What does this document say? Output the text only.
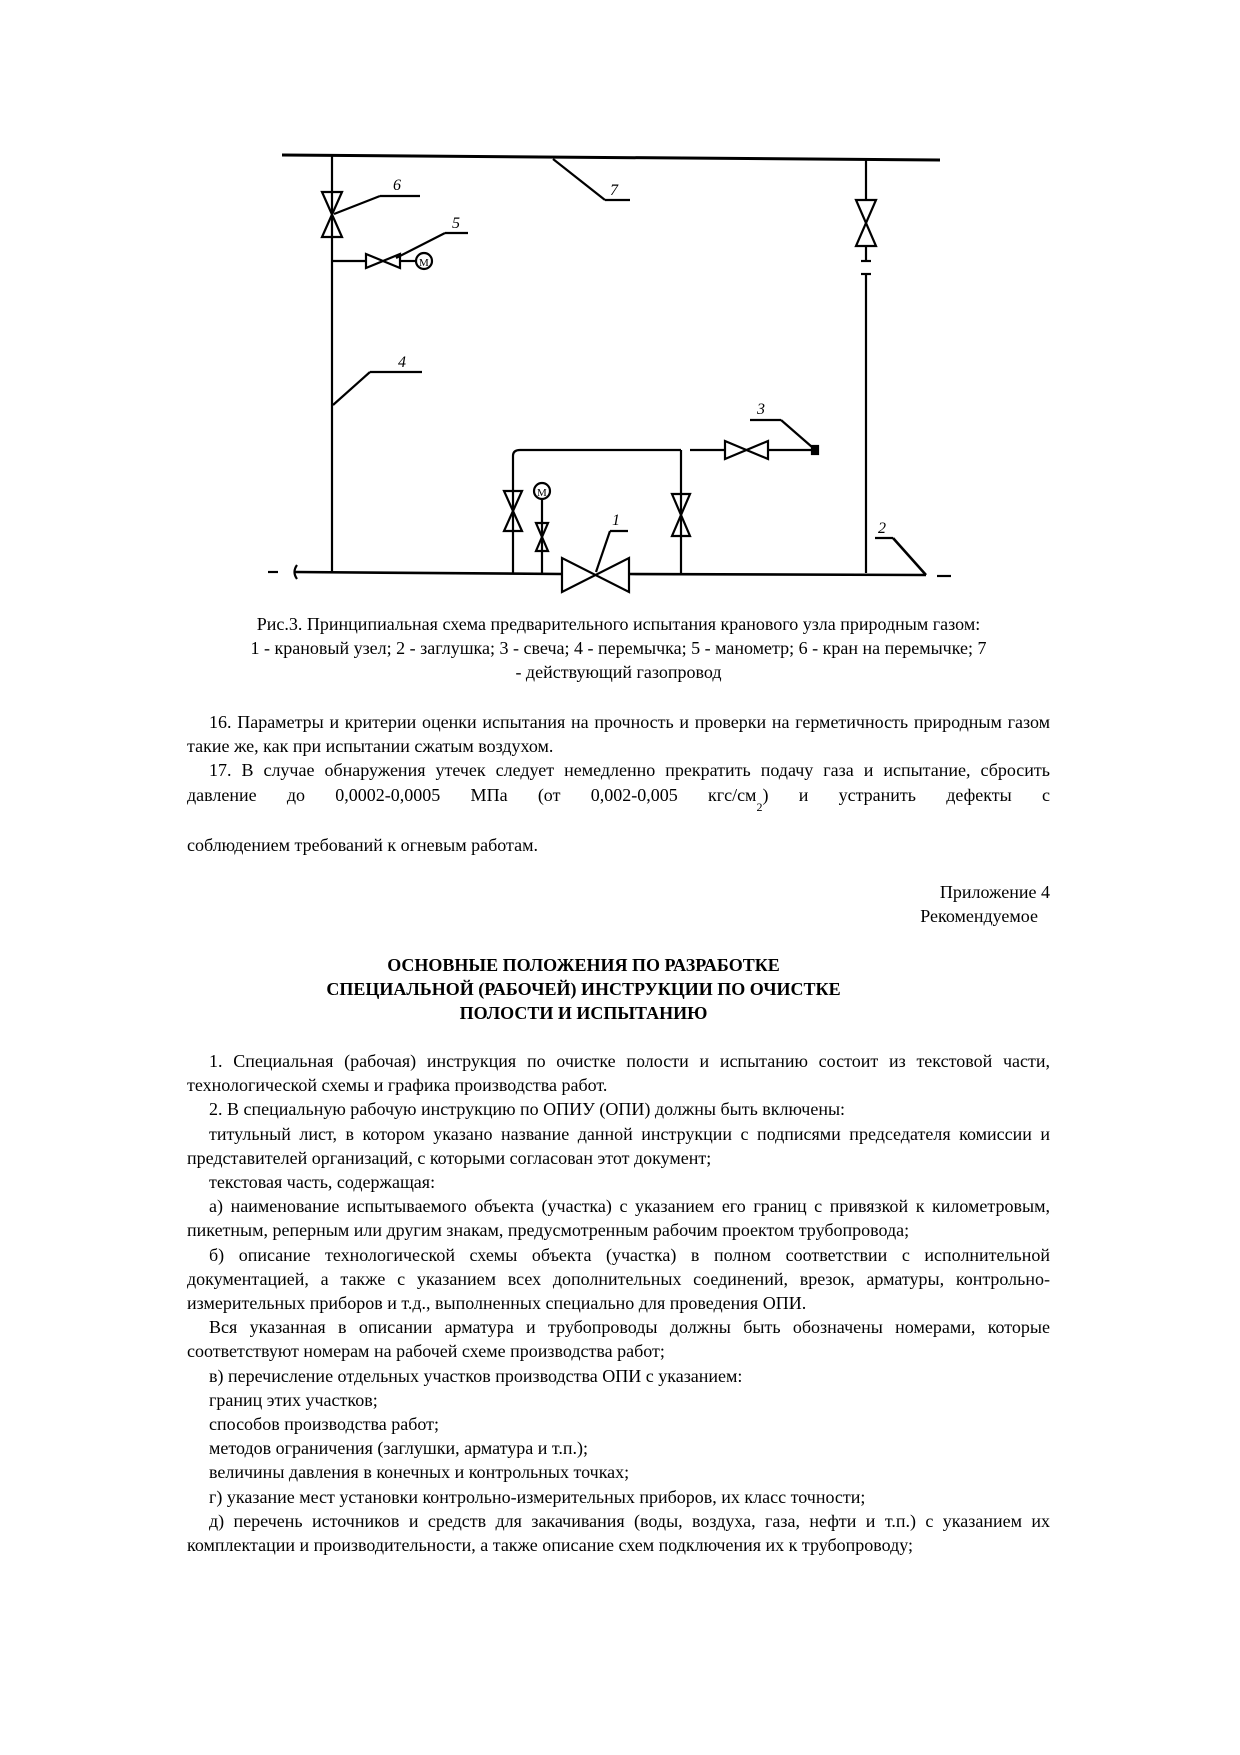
6
M
5
7
4
M
3
1	2
Рис.3. Принципиальная схема предварительного испытания кранового узла природным газом:
1 - крановый узел; 2 - заглушка; 3 - свеча; 4 - перемычка; 5 - манометр; 6 - кран на перемычке; 7
- действующий газопровод

16. Параметры и критерии оценки испытания на прочность и проверки на герметичность природным газом такие же, как при испытании сжатым воздухом.

17. В случае обнаружения утечек следует немедленно прекратить подачу газа и испытание, сбросить давление до 0,0002-0,0005 МПа (от 0,002-0,005 кгс/$см_2$) и устранить дефекты с

соблюдением требований к огневым работам.
Приложение 4
Рекомендуемое
ОСНОВНЫЕ ПОЛОЖЕНИЯ ПО РАЗРАБОТКЕ
СПЕЦИАЛЬНОЙ (РАБОЧЕЙ) ИНСТРУКЦИИ ПО ОЧИСТКЕ
ПОЛОСТИ И ИСПЫТАНИЮ

1. Специальная (рабочая) инструкция по очистке полости и испытанию состоит из текстовой части, технологической схемы и графика производства работ.

2. В специальную рабочую инструкцию по ОПИУ (ОПИ) должны быть включены:

титульный лист, в котором указано название данной инструкции с подписями председателя комиссии и представителей организаций, с которыми согласован этот документ;

текстовая часть, содержащая:

а) наименование испытываемого объекта (участка) с указанием его границ с привязкой к километровым, пикетным, реперным или другим знакам, предусмотренным рабочим проектом трубопровода;

б) описание технологической схемы объекта (участка) в полном соответствии с исполнительной документацией, а также с указанием всех дополнительных соединений, врезок, арматуры, контрольно-измерительных приборов и т.д., выполненных специально для проведения ОПИ.

Вся указанная в описании арматура и трубопроводы должны быть обозначены номерами, которые соответствуют номерам на рабочей схеме производства работ;

в) перечисление отдельных участков производства ОПИ с указанием:

границ этих участков;

способов производства работ;

методов ограничения (заглушки, арматура и т.п.);

величины давления в конечных и контрольных точках;

г) указание мест установки контрольно-измерительных приборов, их класс точности;

д) перечень источников и средств для закачивания (воды, воздуха, газа, нефти и т.п.) с указанием их комплектации и производительности, а также описание схем подключения их к трубопроводу;
